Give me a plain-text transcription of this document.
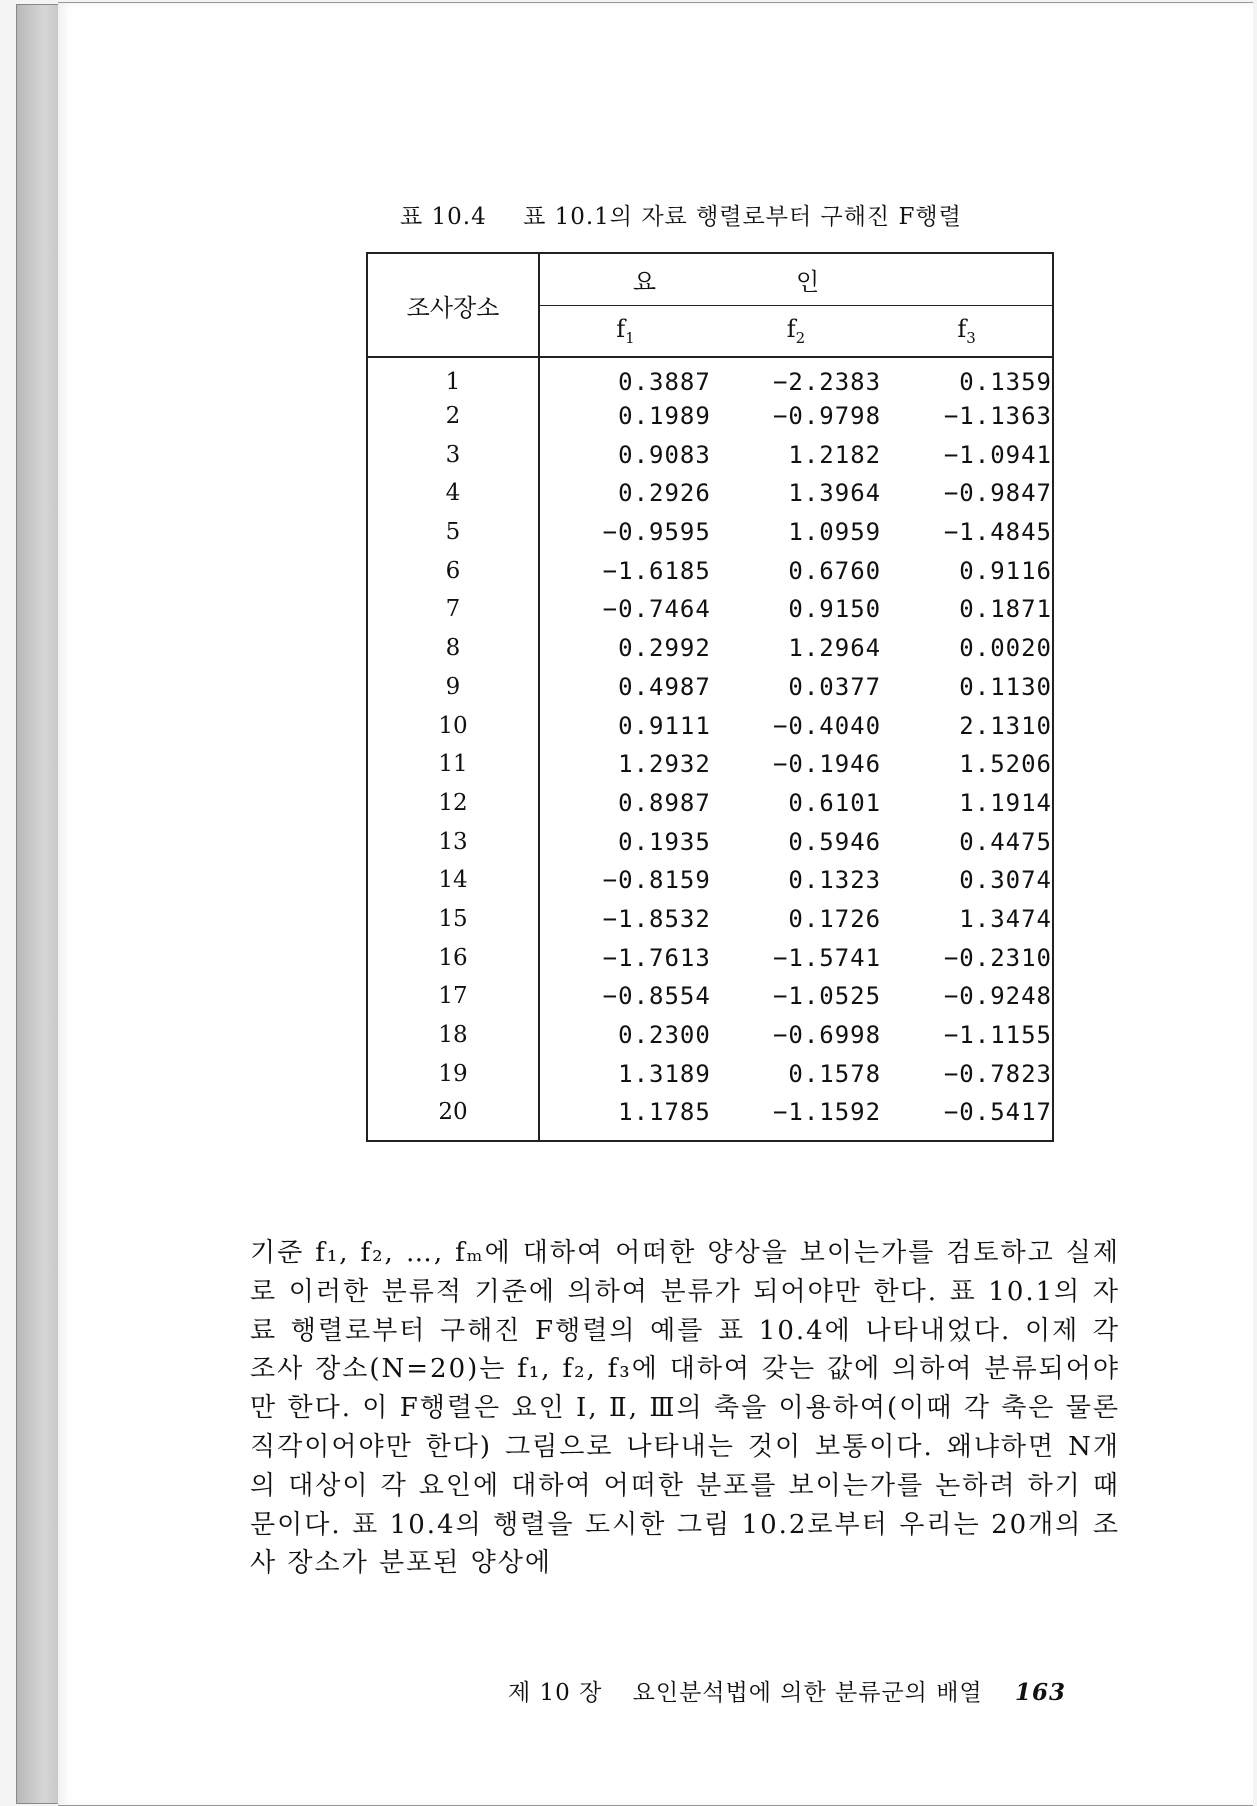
표 10.4 표 10.1의 자료 행렬로부터 구해진 F행렬
조사장소	요인		
	$f_1$	$f_2$	$f_3$
1	0.3887	−2.2383	0.1359
2	0.1989	−0.9798	−1.1363
3	0.9083	1.2182	−1.0941
4	0.2926	1.3964	−0.9847
5	−0.9595	1.0959	−1.4845
6	−1.6185	0.6760	0.9116
7	−0.7464	0.9150	0.1871
8	0.2992	1.2964	0.0020
9	0.4987	0.0377	0.1130
10	0.9111	−0.4040	2.1310
11	1.2932	−0.1946	1.5206
12	0.8987	0.6101	1.1914
13	0.1935	0.5946	0.4475
14	−0.8159	0.1323	0.3074
15	−1.8532	0.1726	1.3474
16	−1.7613	−1.5741	−0.2310
17	−0.8554	−1.0525	−0.9248
18	0.2300	−0.6998	−1.1155
19	1.3189	0.1578	−0.7823
20	1.1785	−1.1592	−0.5417

기준 f₁, f₂, …, fₘ에 대하여 어떠한 양상을 보이는가를 검토하고 실제로 이러한 분류적 기준에 의하여 분류가 되어야만 한다. 표 10.1의 자료 행렬로부터 구해진 F행렬의 예를 표 10.4에 나타내었다. 이제 각 조사 장소(N=20)는 f₁, f₂, f₃에 대하여 갖는 값에 의하여 분류되어야만 한다. 이 F행렬은 요인 Ⅰ, Ⅱ, Ⅲ의 축을 이용하여(이때 각 축은 물론 직각이어야만 한다) 그림으로 나타내는 것이 보통이다. 왜냐하면 N개의 대상이 각 요인에 대하여 어떠한 분포를 보이는가를 논하려 하기 때문이다. 표 10.4의 행렬을 도시한 그림 10.2로부터 우리는 20개의 조사 장소가 분포된 양상에

제 10 장 요인분석법에 의한 분류군의 배열 163
